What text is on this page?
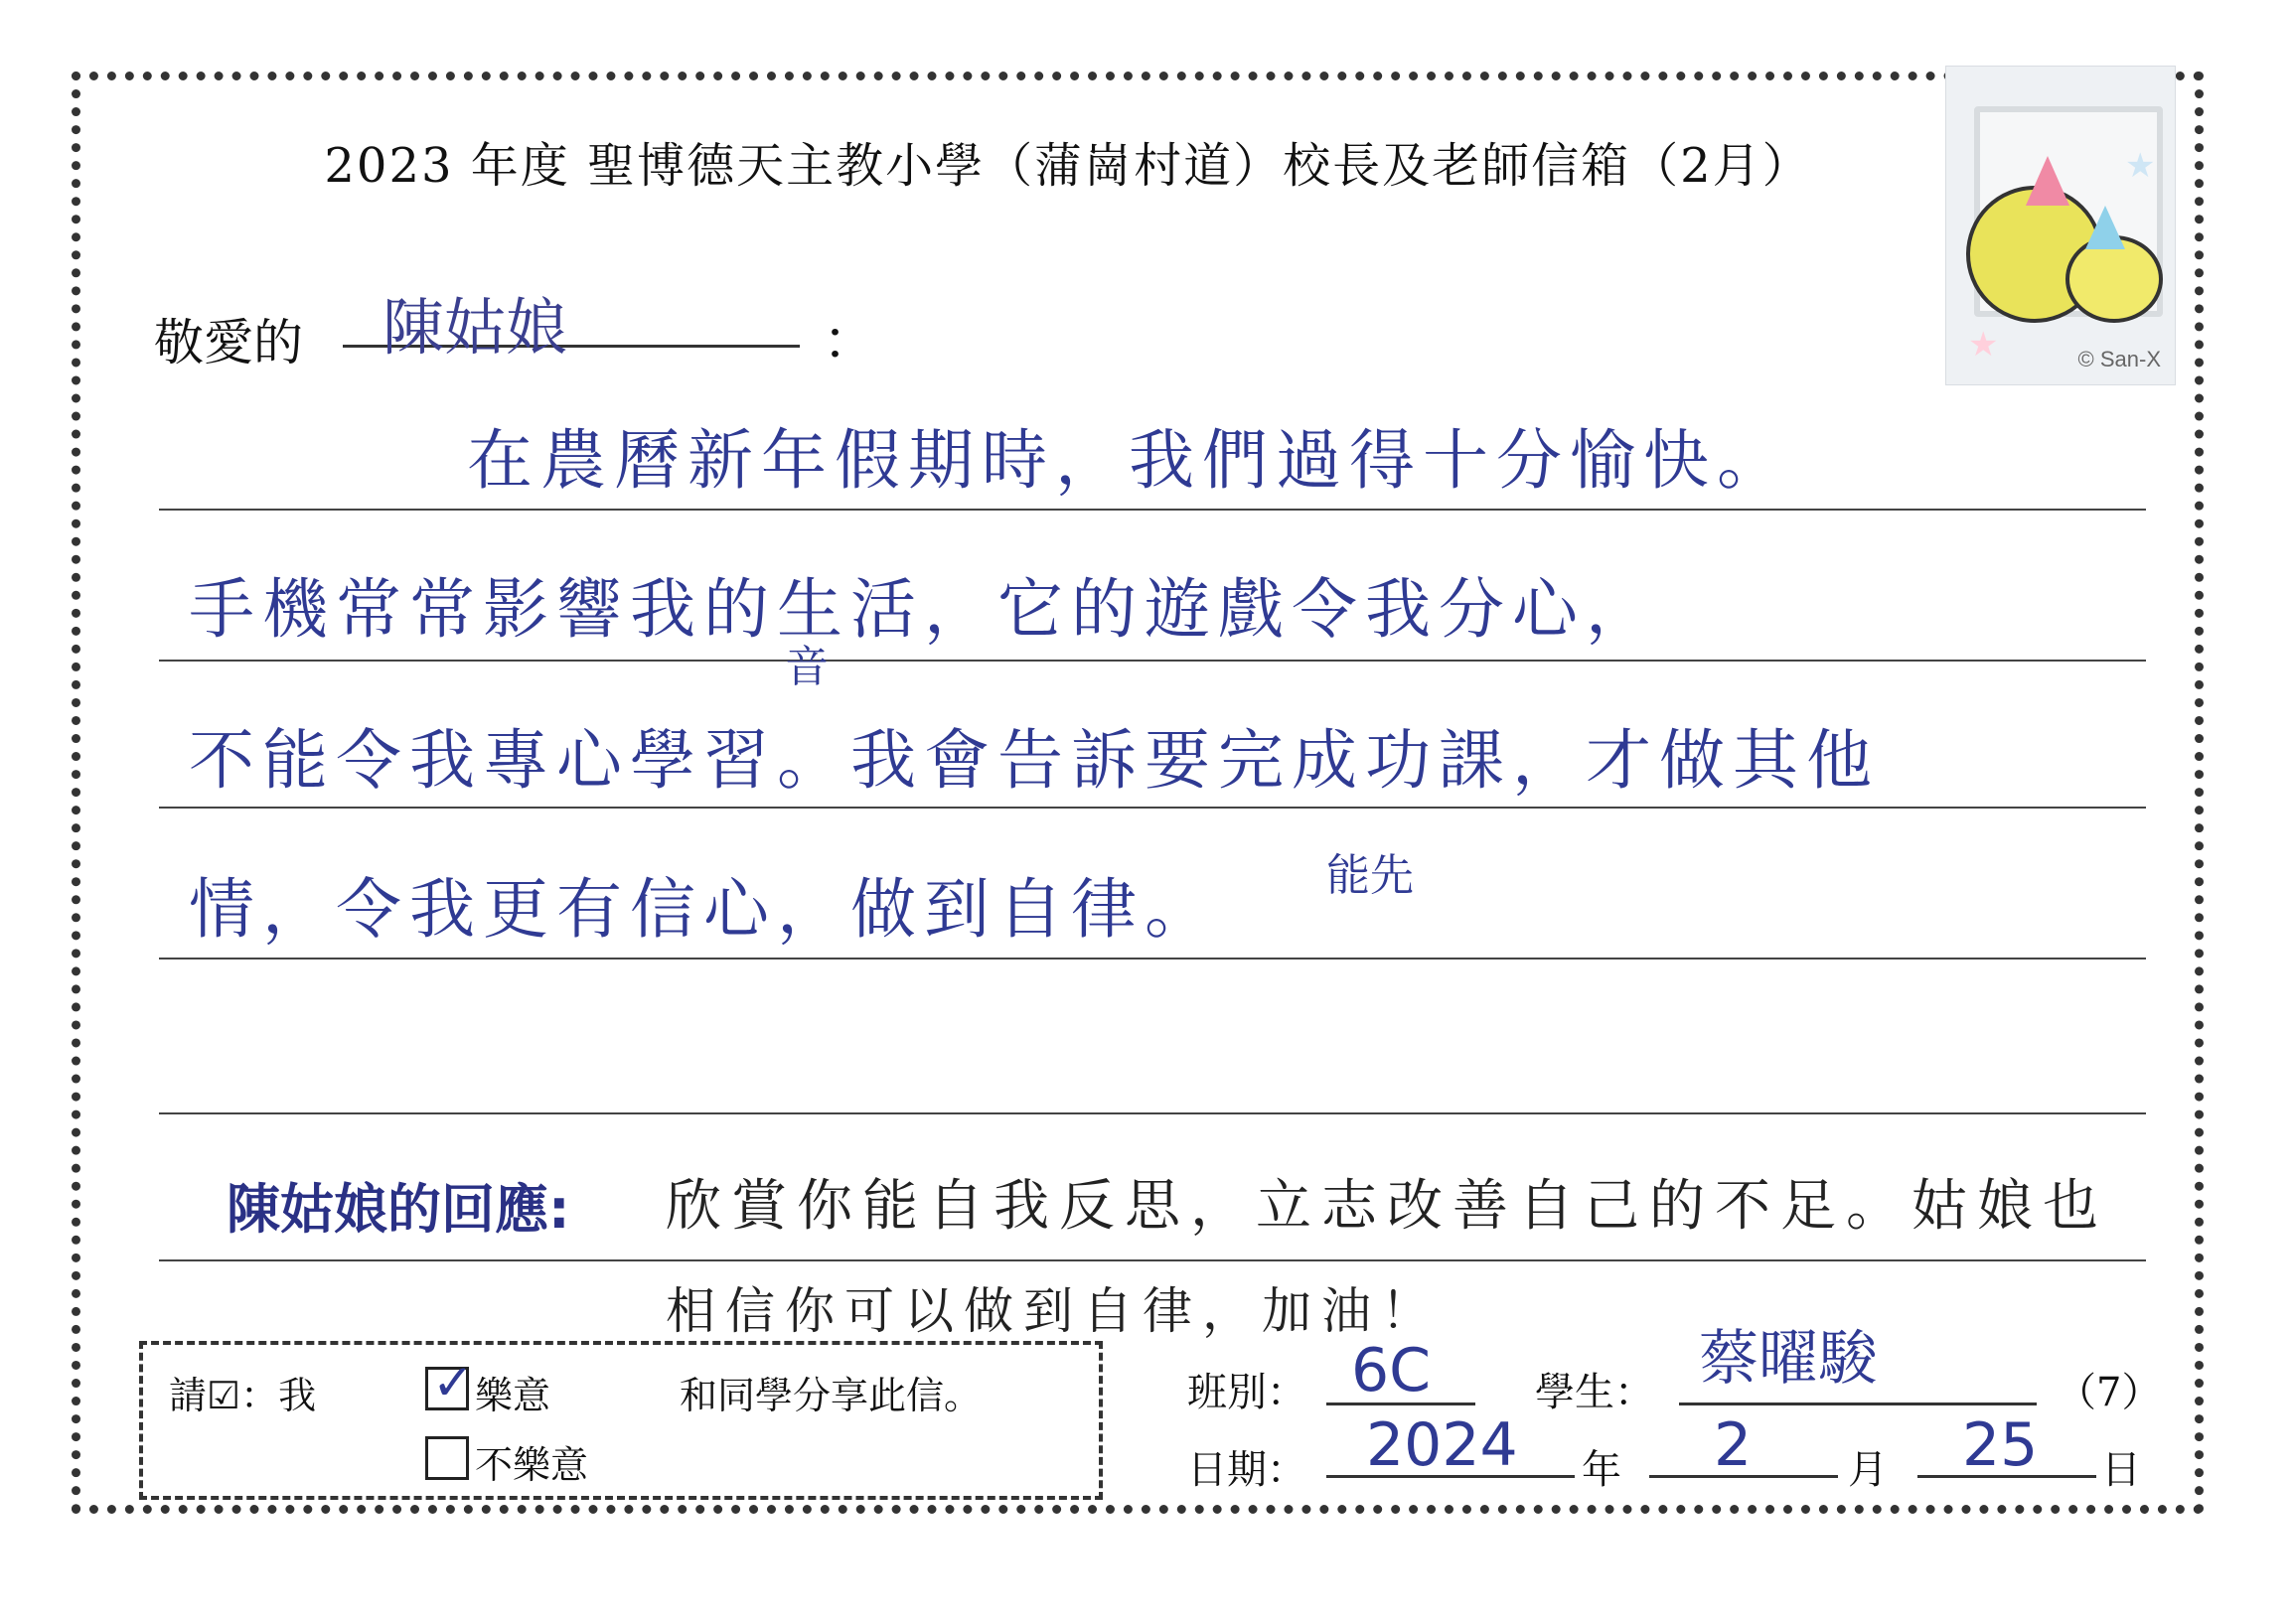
2023 年度 聖博德天主教小學（蒲崗村道）校長及老師信箱（2月）
★
★
© San-X
敬愛的	陳姑娘	：
在農曆新年假期時，我們過得十分愉快。
手機常常影響我的生活，它的遊戲令我分心，
音
不能令我專心學習。我會告訴要完成功課，才做其他
能先
情，令我更有信心，做到自律。
陳姑娘的回應: 欣賞你能自我反思，立志改善自己的不足。姑娘也
相信你可以做到自律，加油！
請☑：我 ✓ 樂意	和同學分享此信。
不樂意
班別： 6C	學生： 蔡曜駿	（7）
日期： 2024 年 2 月 25 日
